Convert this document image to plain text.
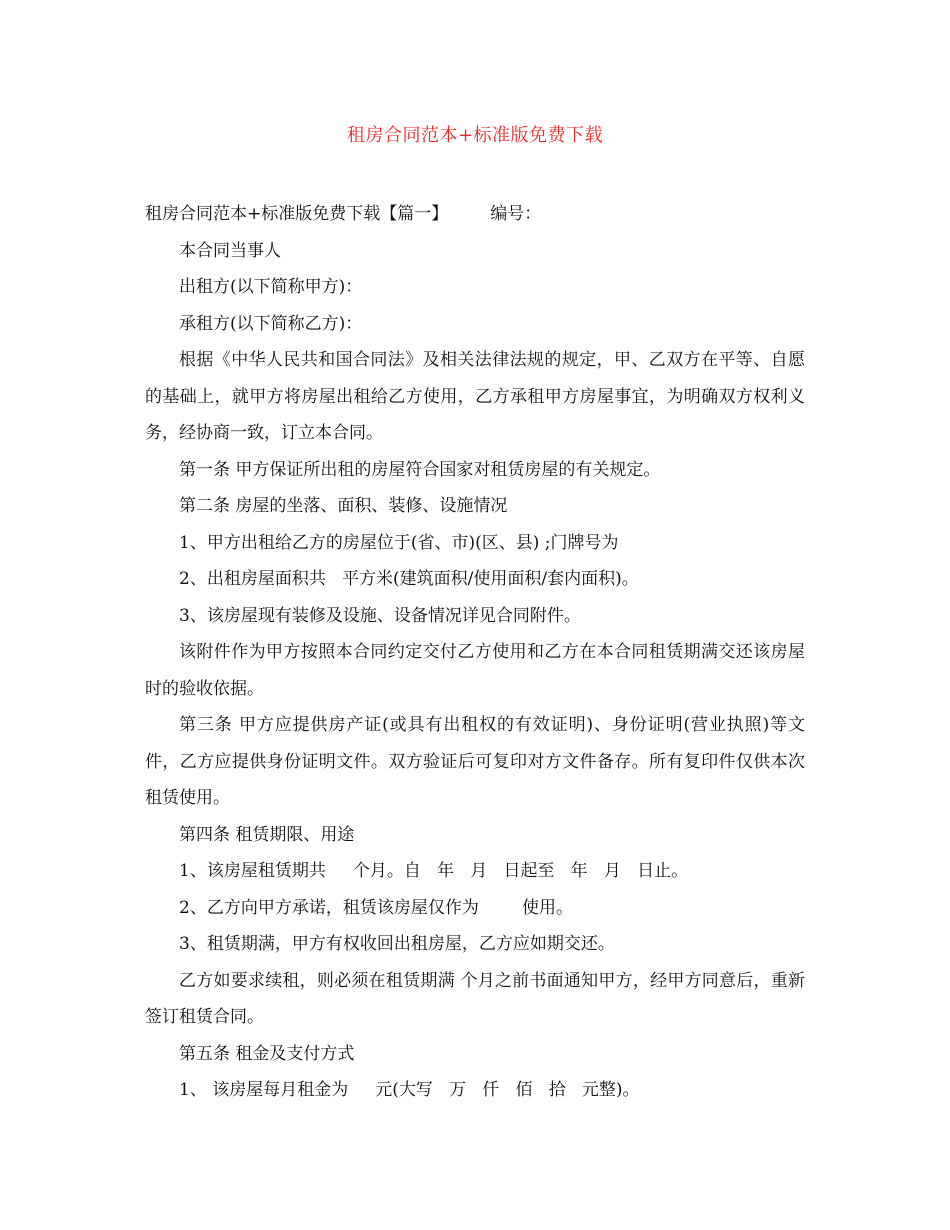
租房合同范本+标准版免费下载

租房合同范本+标准版免费下载【篇一】 编号：

本合同当事人

出租方(以下简称甲方)：

承租方(以下简称乙方)：

根据《中华人民共和国合同法》及相关法律法规的规定，甲、乙双方在平等、自愿的基础上，就甲方将房屋出租给乙方使用，乙方承租甲方房屋事宜，为明确双方权利义务，经协商一致，订立本合同。

第一条 甲方保证所出租的房屋符合国家对租赁房屋的有关规定。

第二条 房屋的坐落、面积、装修、设施情况

1、甲方出租给乙方的房屋位于(省、市)(区、县) ;门牌号为

2、出租房屋面积共   平方米(建筑面积/使用面积/套内面积)。

3、该房屋现有装修及设施、设备情况详见合同附件。

该附件作为甲方按照本合同约定交付乙方使用和乙方在本合同租赁期满交还该房屋时的验收依据。

第三条 甲方应提供房产证(或具有出租权的有效证明)、身份证明(营业执照)等文件，乙方应提供身份证明文件。双方验证后可复印对方文件备存。所有复印件仅供本次租赁使用。

第四条 租赁期限、用途

1、该房屋租赁期共     个月。自   年   月   日起至   年   月   日止。

2、乙方向甲方承诺，租赁该房屋仅作为        使用。

3、租赁期满，甲方有权收回出租房屋，乙方应如期交还。

乙方如要求续租，则必须在租赁期满 个月之前书面通知甲方，经甲方同意后，重新签订租赁合同。

第五条 租金及支付方式

1、 该房屋每月租金为     元(大写   万   仟   佰   拾   元整)。
